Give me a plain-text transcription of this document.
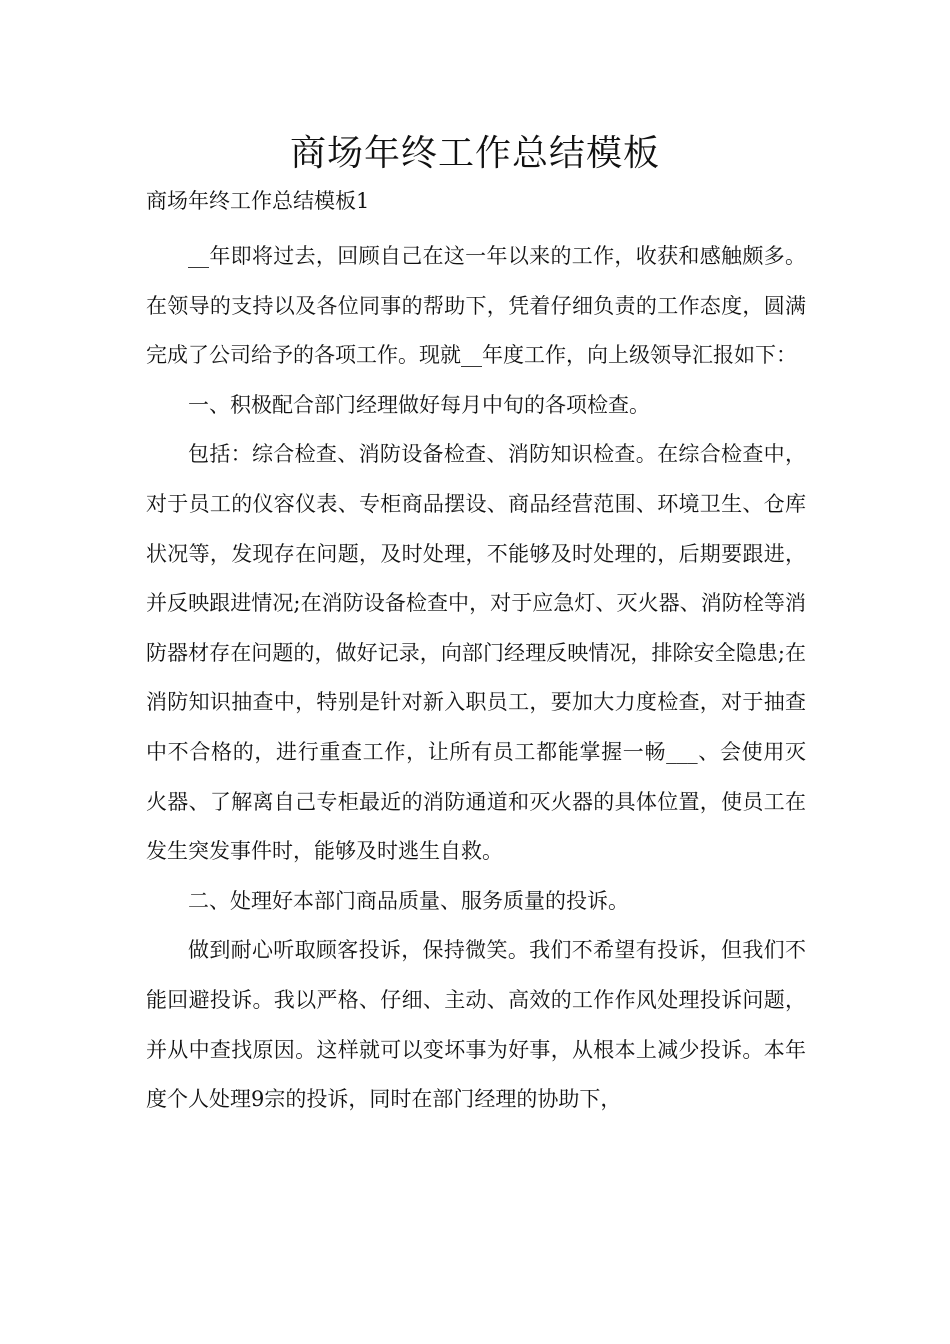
商场年终工作总结模板

商场年终工作总结模板1

__年即将过去，回顾自己在这一年以来的工作，收获和感触颇多。在领导的支持以及各位同事的帮助下，凭着仔细负责的工作态度，圆满完成了公司给予的各项工作。现就__年度工作，向上级领导汇报如下：

一、积极配合部门经理做好每月中旬的各项检查。

包括：综合检查、消防设备检查、消防知识检查。在综合检查中，对于员工的仪容仪表、专柜商品摆设、商品经营范围、环境卫生、仓库状况等，发现存在问题，及时处理，不能够及时处理的，后期要跟进，并反映跟进情况;在消防设备检查中，对于应急灯、灭火器、消防栓等消防器材存在问题的，做好记录，向部门经理反映情况，排除安全隐患;在消防知识抽查中，特别是针对新入职员工，要加大力度检查，对于抽查中不合格的，进行重查工作，让所有员工都能掌握一畅___、会使用灭火器、了解离自己专柜最近的消防通道和灭火器的具体位置，使员工在发生突发事件时，能够及时逃生自救。

二、处理好本部门商品质量、服务质量的投诉。

做到耐心听取顾客投诉，保持微笑。我们不希望有投诉，但我们不能回避投诉。我以严格、仔细、主动、高效的工作作风处理投诉问题，并从中查找原因。这样就可以变坏事为好事，从根本上减少投诉。本年度个人处理9宗的投诉，同时在部门经理的协助下，
